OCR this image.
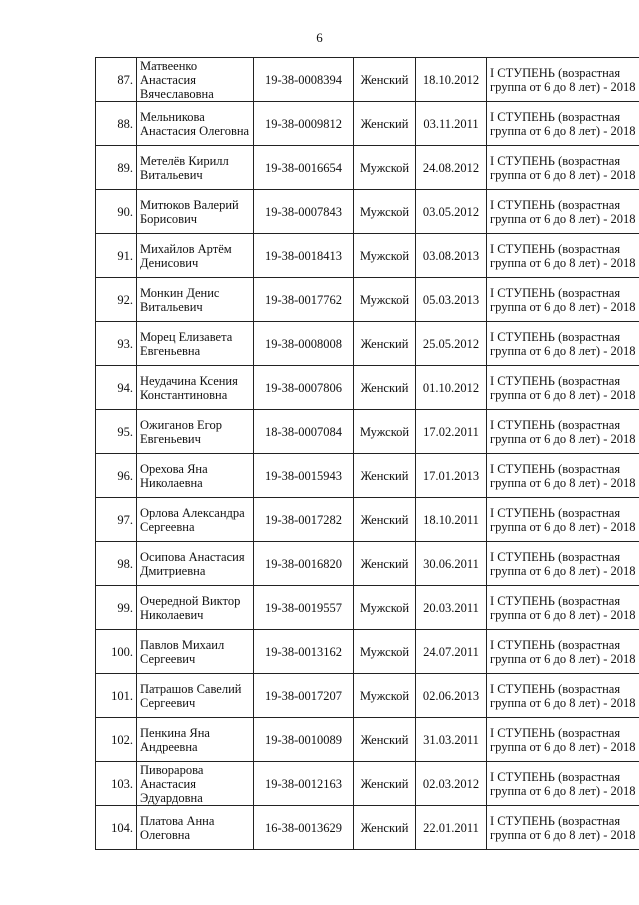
6
87.	Матвеенко Анастасия Вячеславовна	19-38-0008394	Женский	18.10.2012	I СТУПЕНЬ (возрастная группа от 6 до 8 лет) - 2018
88.	Мельникова Анастасия Олеговна	19-38-0009812	Женский	03.11.2011	I СТУПЕНЬ (возрастная группа от 6 до 8 лет) - 2018
89.	Метелёв Кирилл Витальевич	19-38-0016654	Мужской	24.08.2012	I СТУПЕНЬ (возрастная группа от 6 до 8 лет) - 2018
90.	Митюков Валерий Борисович	19-38-0007843	Мужской	03.05.2012	I СТУПЕНЬ (возрастная группа от 6 до 8 лет) - 2018
91.	Михайлов Артём Денисович	19-38-0018413	Мужской	03.08.2013	I СТУПЕНЬ (возрастная группа от 6 до 8 лет) - 2018
92.	Монкин Денис Витальевич	19-38-0017762	Мужской	05.03.2013	I СТУПЕНЬ (возрастная группа от 6 до 8 лет) - 2018
93.	Морец Елизавета Евгеньевна	19-38-0008008	Женский	25.05.2012	I СТУПЕНЬ (возрастная группа от 6 до 8 лет) - 2018
94.	Неудачина Ксения Константиновна	19-38-0007806	Женский	01.10.2012	I СТУПЕНЬ (возрастная группа от 6 до 8 лет) - 2018
95.	Ожиганов Егор Евгеньевич	18-38-0007084	Мужской	17.02.2011	I СТУПЕНЬ (возрастная группа от 6 до 8 лет) - 2018
96.	Орехова Яна Николаевна	19-38-0015943	Женский	17.01.2013	I СТУПЕНЬ (возрастная группа от 6 до 8 лет) - 2018
97.	Орлова Александра Сергеевна	19-38-0017282	Женский	18.10.2011	I СТУПЕНЬ (возрастная группа от 6 до 8 лет) - 2018
98.	Осипова Анастасия Дмитриевна	19-38-0016820	Женский	30.06.2011	I СТУПЕНЬ (возрастная группа от 6 до 8 лет) - 2018
99.	Очередной Виктор Николаевич	19-38-0019557	Мужской	20.03.2011	I СТУПЕНЬ (возрастная группа от 6 до 8 лет) - 2018
100.	Павлов Михаил Сергеевич	19-38-0013162	Мужской	24.07.2011	I СТУПЕНЬ (возрастная группа от 6 до 8 лет) - 2018
101.	Патрашов Савелий Сергеевич	19-38-0017207	Мужской	02.06.2013	I СТУПЕНЬ (возрастная группа от 6 до 8 лет) - 2018
102.	Пенкина Яна Андреевна	19-38-0010089	Женский	31.03.2011	I СТУПЕНЬ (возрастная группа от 6 до 8 лет) - 2018
103.	Пиворарова Анастасия Эдуардовна	19-38-0012163	Женский	02.03.2012	I СТУПЕНЬ (возрастная группа от 6 до 8 лет) - 2018
104.	Платова Анна Олеговна	16-38-0013629	Женский	22.01.2011	I СТУПЕНЬ (возрастная группа от 6 до 8 лет) - 2018
